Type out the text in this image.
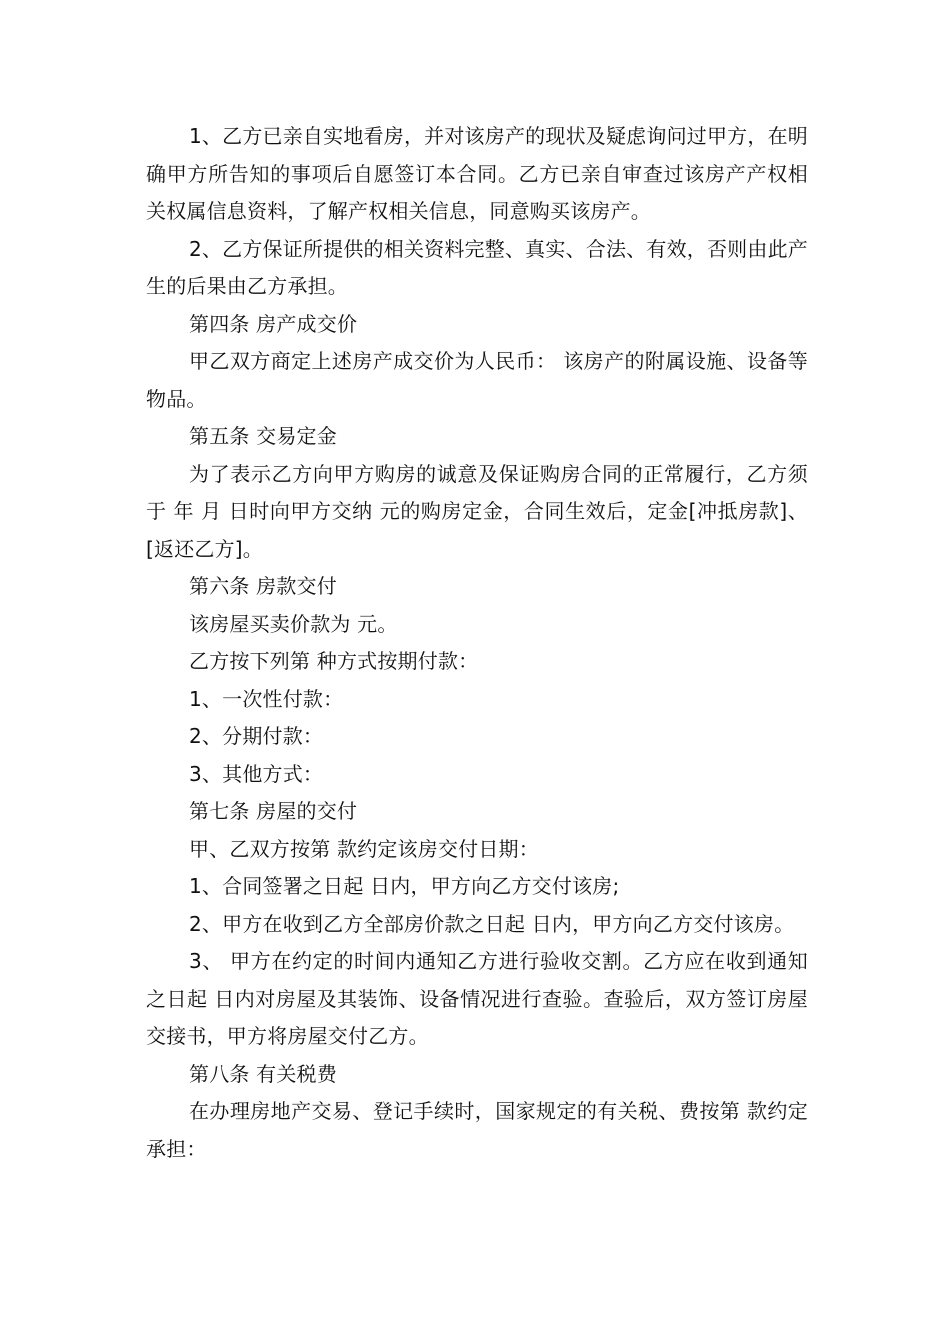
1、乙方已亲自实地看房，并对该房产的现状及疑虑询问过甲方，在明确甲方所告知的事项后自愿签订本合同。乙方已亲自审查过该房产产权相关权属信息资料，了解产权相关信息，同意购买该房产。

2、乙方保证所提供的相关资料完整、真实、合法、有效，否则由此产生的后果由乙方承担。

第四条 房产成交价

甲乙双方商定上述房产成交价为人民币： 该房产的附属设施、设备等物品。

第五条 交易定金

为了表示乙方向甲方购房的诚意及保证购房合同的正常履行，乙方须于 年 月 日时向甲方交纳 元的购房定金，合同生效后，定金[冲抵房款]、[返还乙方]。

第六条 房款交付

该房屋买卖价款为 元。

乙方按下列第 种方式按期付款：

1、一次性付款：

2、分期付款：

3、其他方式：

第七条 房屋的交付

甲、乙双方按第 款约定该房交付日期：

1、合同签署之日起 日内，甲方向乙方交付该房;

2、甲方在收到乙方全部房价款之日起 日内，甲方向乙方交付该房。

3、 甲方在约定的时间内通知乙方进行验收交割。乙方应在收到通知之日起 日内对房屋及其装饰、设备情况进行查验。查验后，双方签订房屋交接书，甲方将房屋交付乙方。

第八条 有关税费

在办理房地产交易、登记手续时，国家规定的有关税、费按第 款约定承担：
